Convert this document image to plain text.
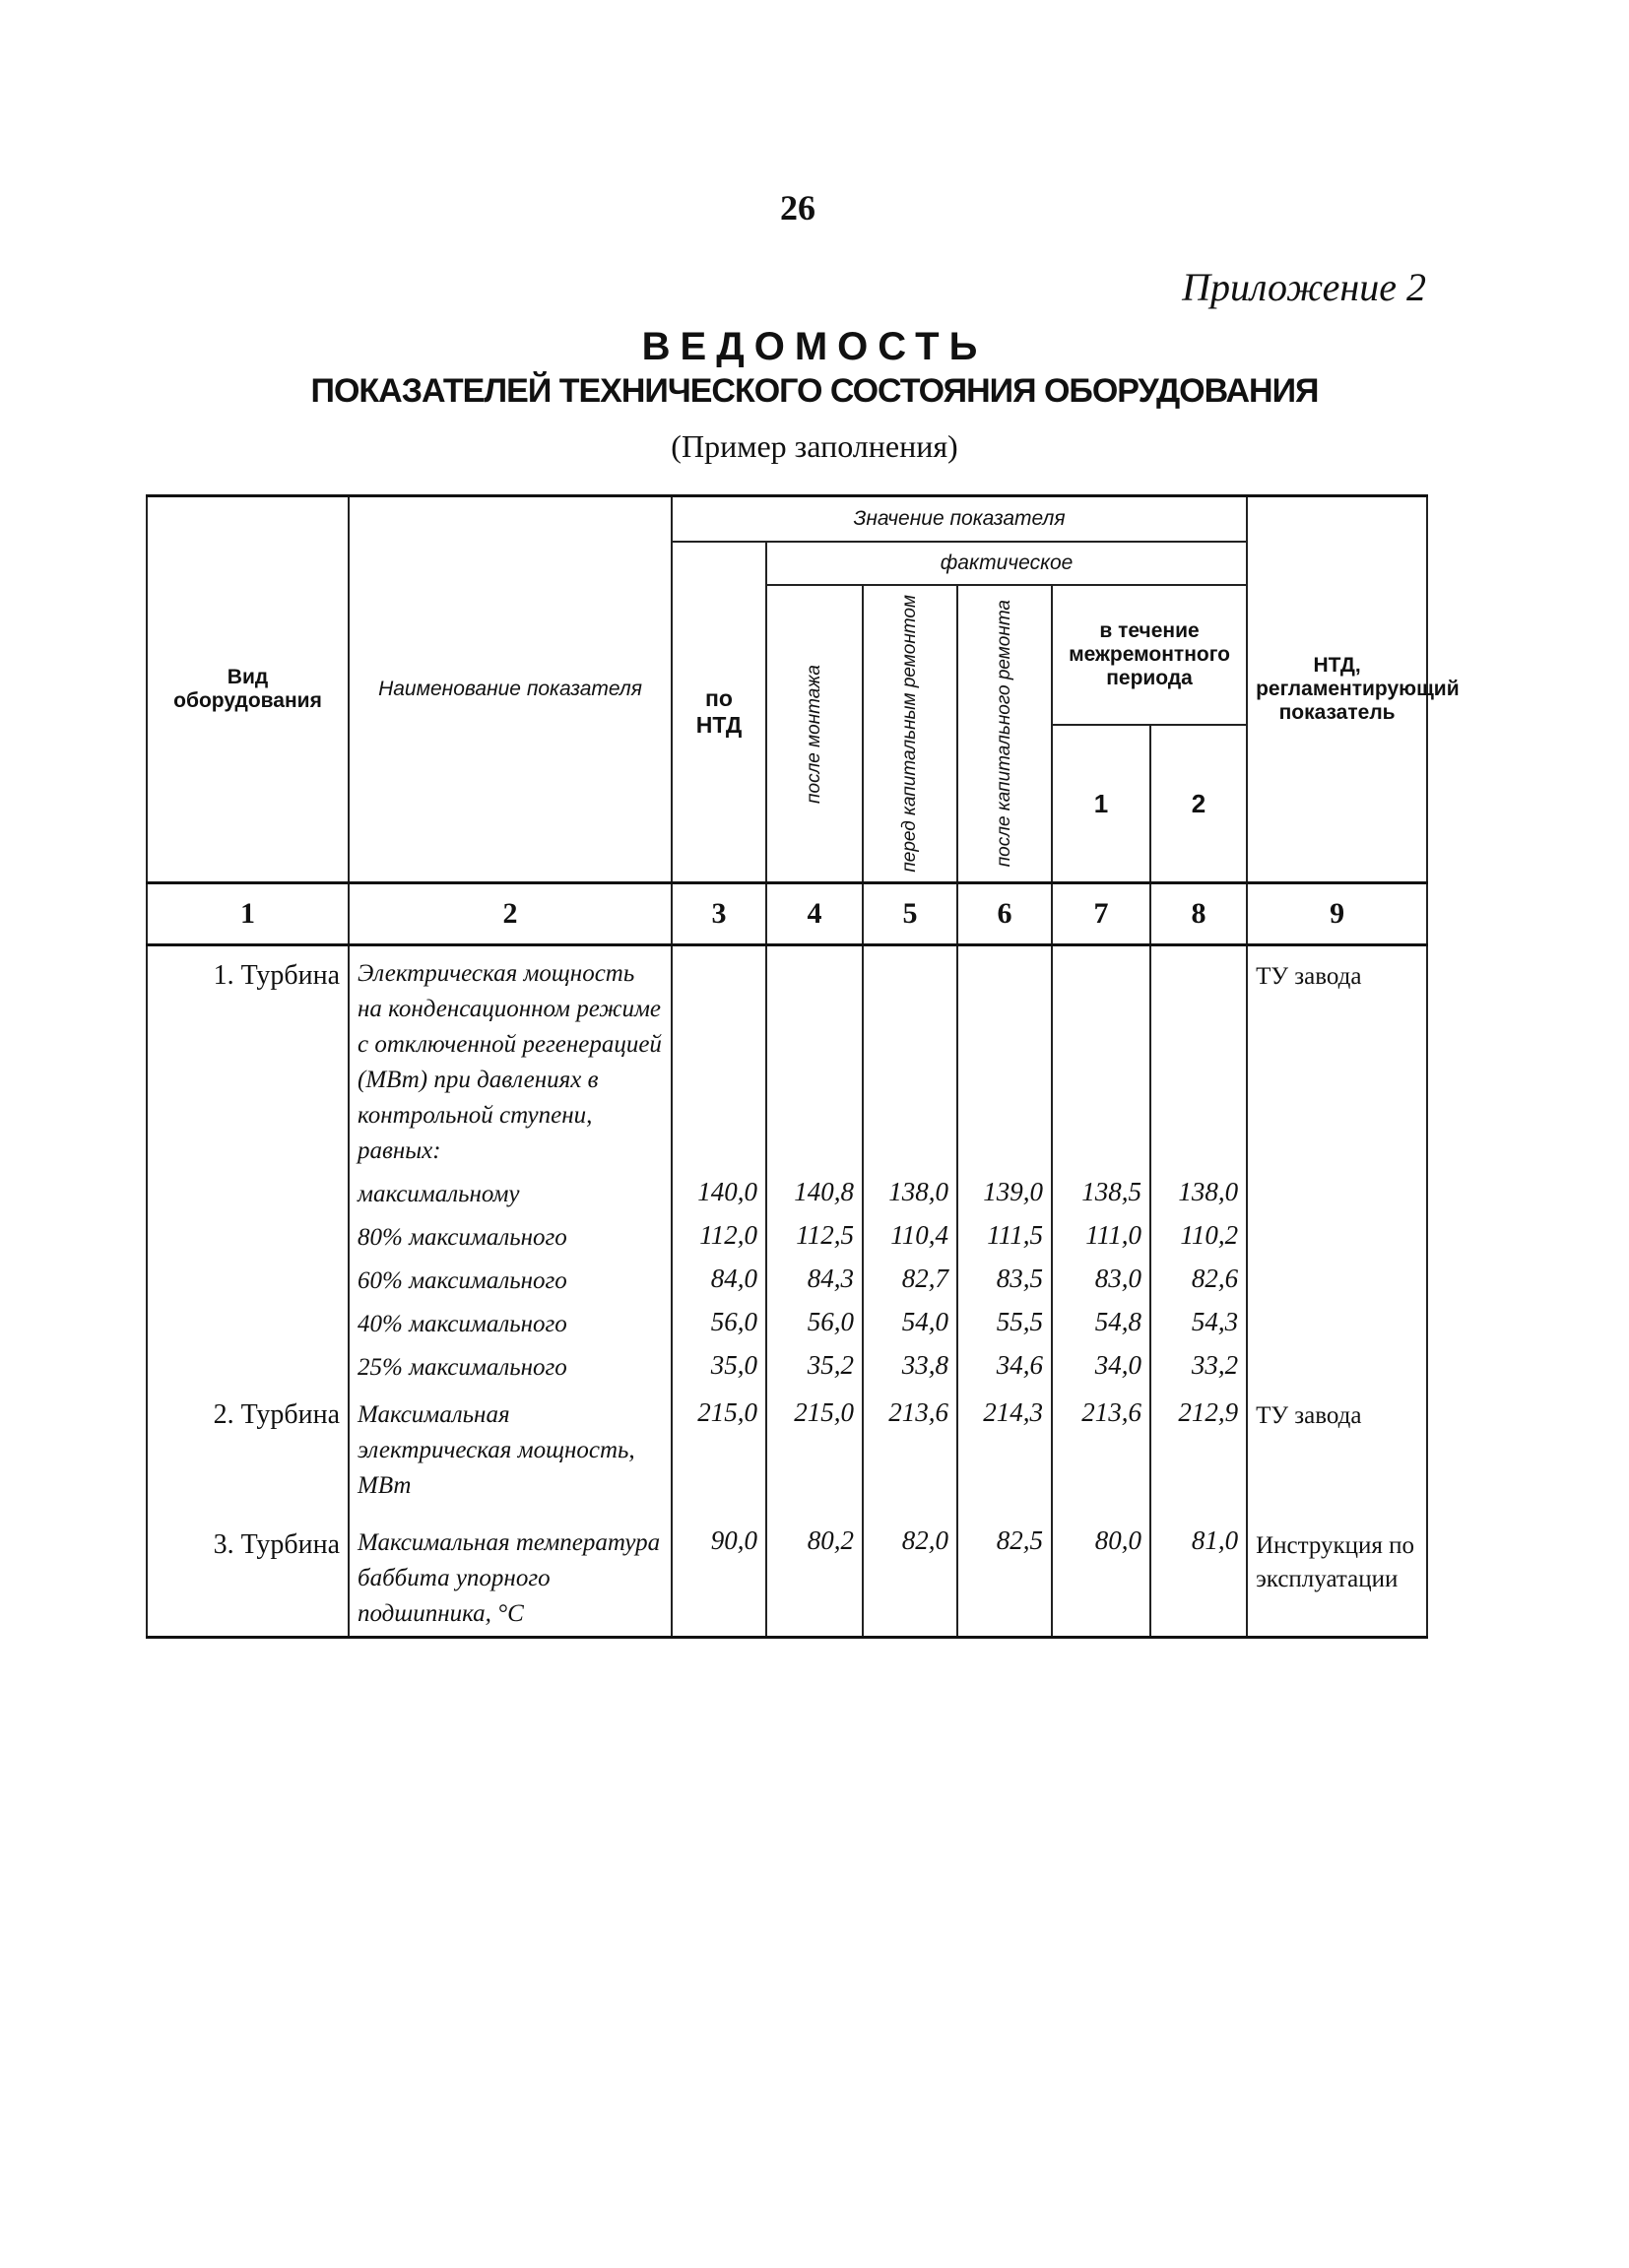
26
Приложение 2
ВЕДОМОСТЬ
ПОКАЗАТЕЛЕЙ ТЕХНИЧЕСКОГО СОСТОЯНИЯ ОБОРУДОВАНИЯ
(Пример заполнения)
Вид оборудования	Наименование показателя	Значение показателя						НТД, регламентирующий показатель
		по НТД	фактическое					

			после монтажа	перед капитальным ремонтом	после капитального ремонта	в течение межремонтного периода		
						1	2	
1	2	3	4	5	6	7	8	9
1. Турбина	Электрическая мощность на конденсационном режиме с отключенной регенерацией (МВт) при давлениях в контрольной ступени, равных:							ТУ завода
	максимальному	140,0	140,8	138,0	139,0	138,5	138,0	
	80% максимального	112,0	112,5	110,4	111,5	111,0	110,2	
	60% максимального	84,0	84,3	82,7	83,5	83,0	82,6	
	40% максимального	56,0	56,0	54,0	55,5	54,8	54,3	
	25% максимального	35,0	35,2	33,8	34,6	34,0	33,2	
2. Турбина	Максимальная электрическая мощность, МВт	215,0	215,0	213,6	214,3	213,6	212,9	ТУ завода
3. Турбина	Максимальная температура баббита упорного подшипника, °С	90,0	80,2	82,0	82,5	80,0	81,0	Инструкция по эксплуатации
